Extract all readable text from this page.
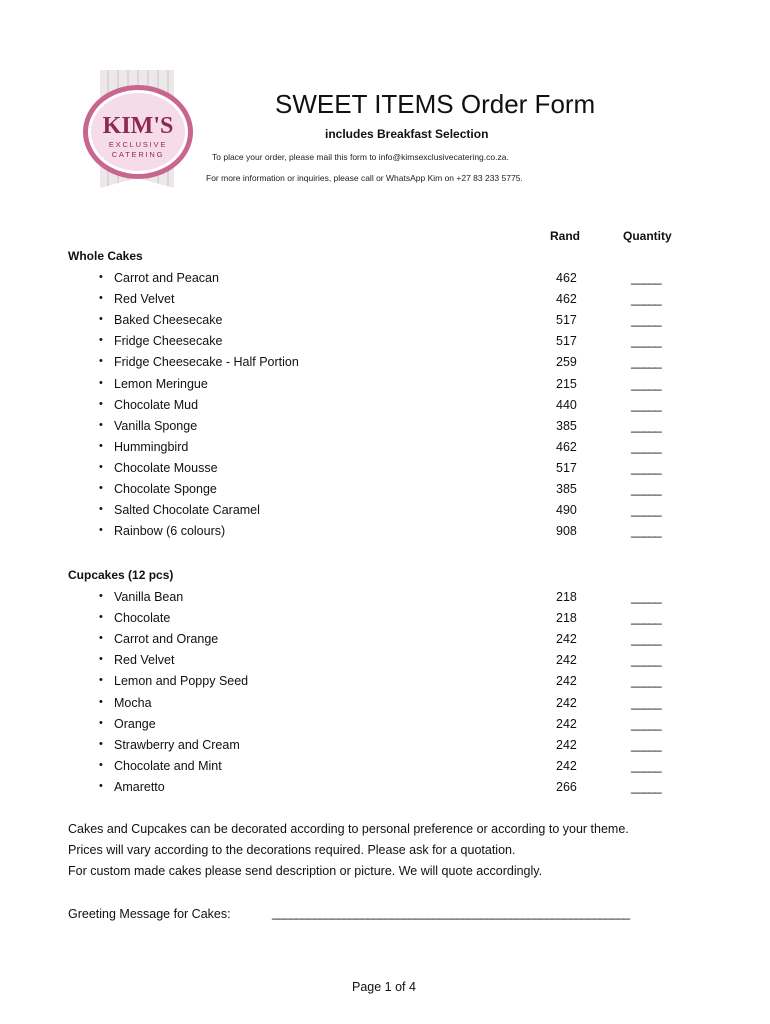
KIM'S
EXCLUSIVE
CATERING
SWEET ITEMS Order Form
includes Breakfast Selection
To place your order, please mail this form to info@kimsexclusivecatering.co.za.
For more information or inquiries, please call or WhatsApp Kim on +27 83 233 5775.
Rand	Quantity
Whole Cakes
• Carrot and Peacan	462	_____
• Red Velvet	462	_____
• Baked Cheesecake	517	_____
• Fridge Cheesecake	517	_____
• Fridge Cheesecake - Half Portion	259	_____
• Lemon Meringue	215	_____
• Chocolate Mud	440	_____
• Vanilla Sponge	385	_____
• Hummingbird	462	_____
• Chocolate Mousse	517	_____
• Chocolate Sponge	385	_____
• Salted Chocolate Caramel	490	_____
• Rainbow (6 colours)	908	_____
Cupcakes (12 pcs)
• Vanilla Bean	218	_____
• Chocolate	218	_____
• Carrot and Orange	242	_____
• Red Velvet	242	_____
• Lemon and Poppy Seed	242	_____
• Mocha	242	_____
• Orange	242	_____
• Strawberry and Cream	242	_____
• Chocolate and Mint	242	_____
• Amaretto	266	_____
Cakes and Cupcakes can be decorated according to personal preference or according to your theme.
Prices will vary according to the decorations required. Please ask for a quotation.
For custom made cakes please send description or picture. We will quote accordingly.
Greeting Message for Cakes:	____________________________________________________________
Page 1 of 4
